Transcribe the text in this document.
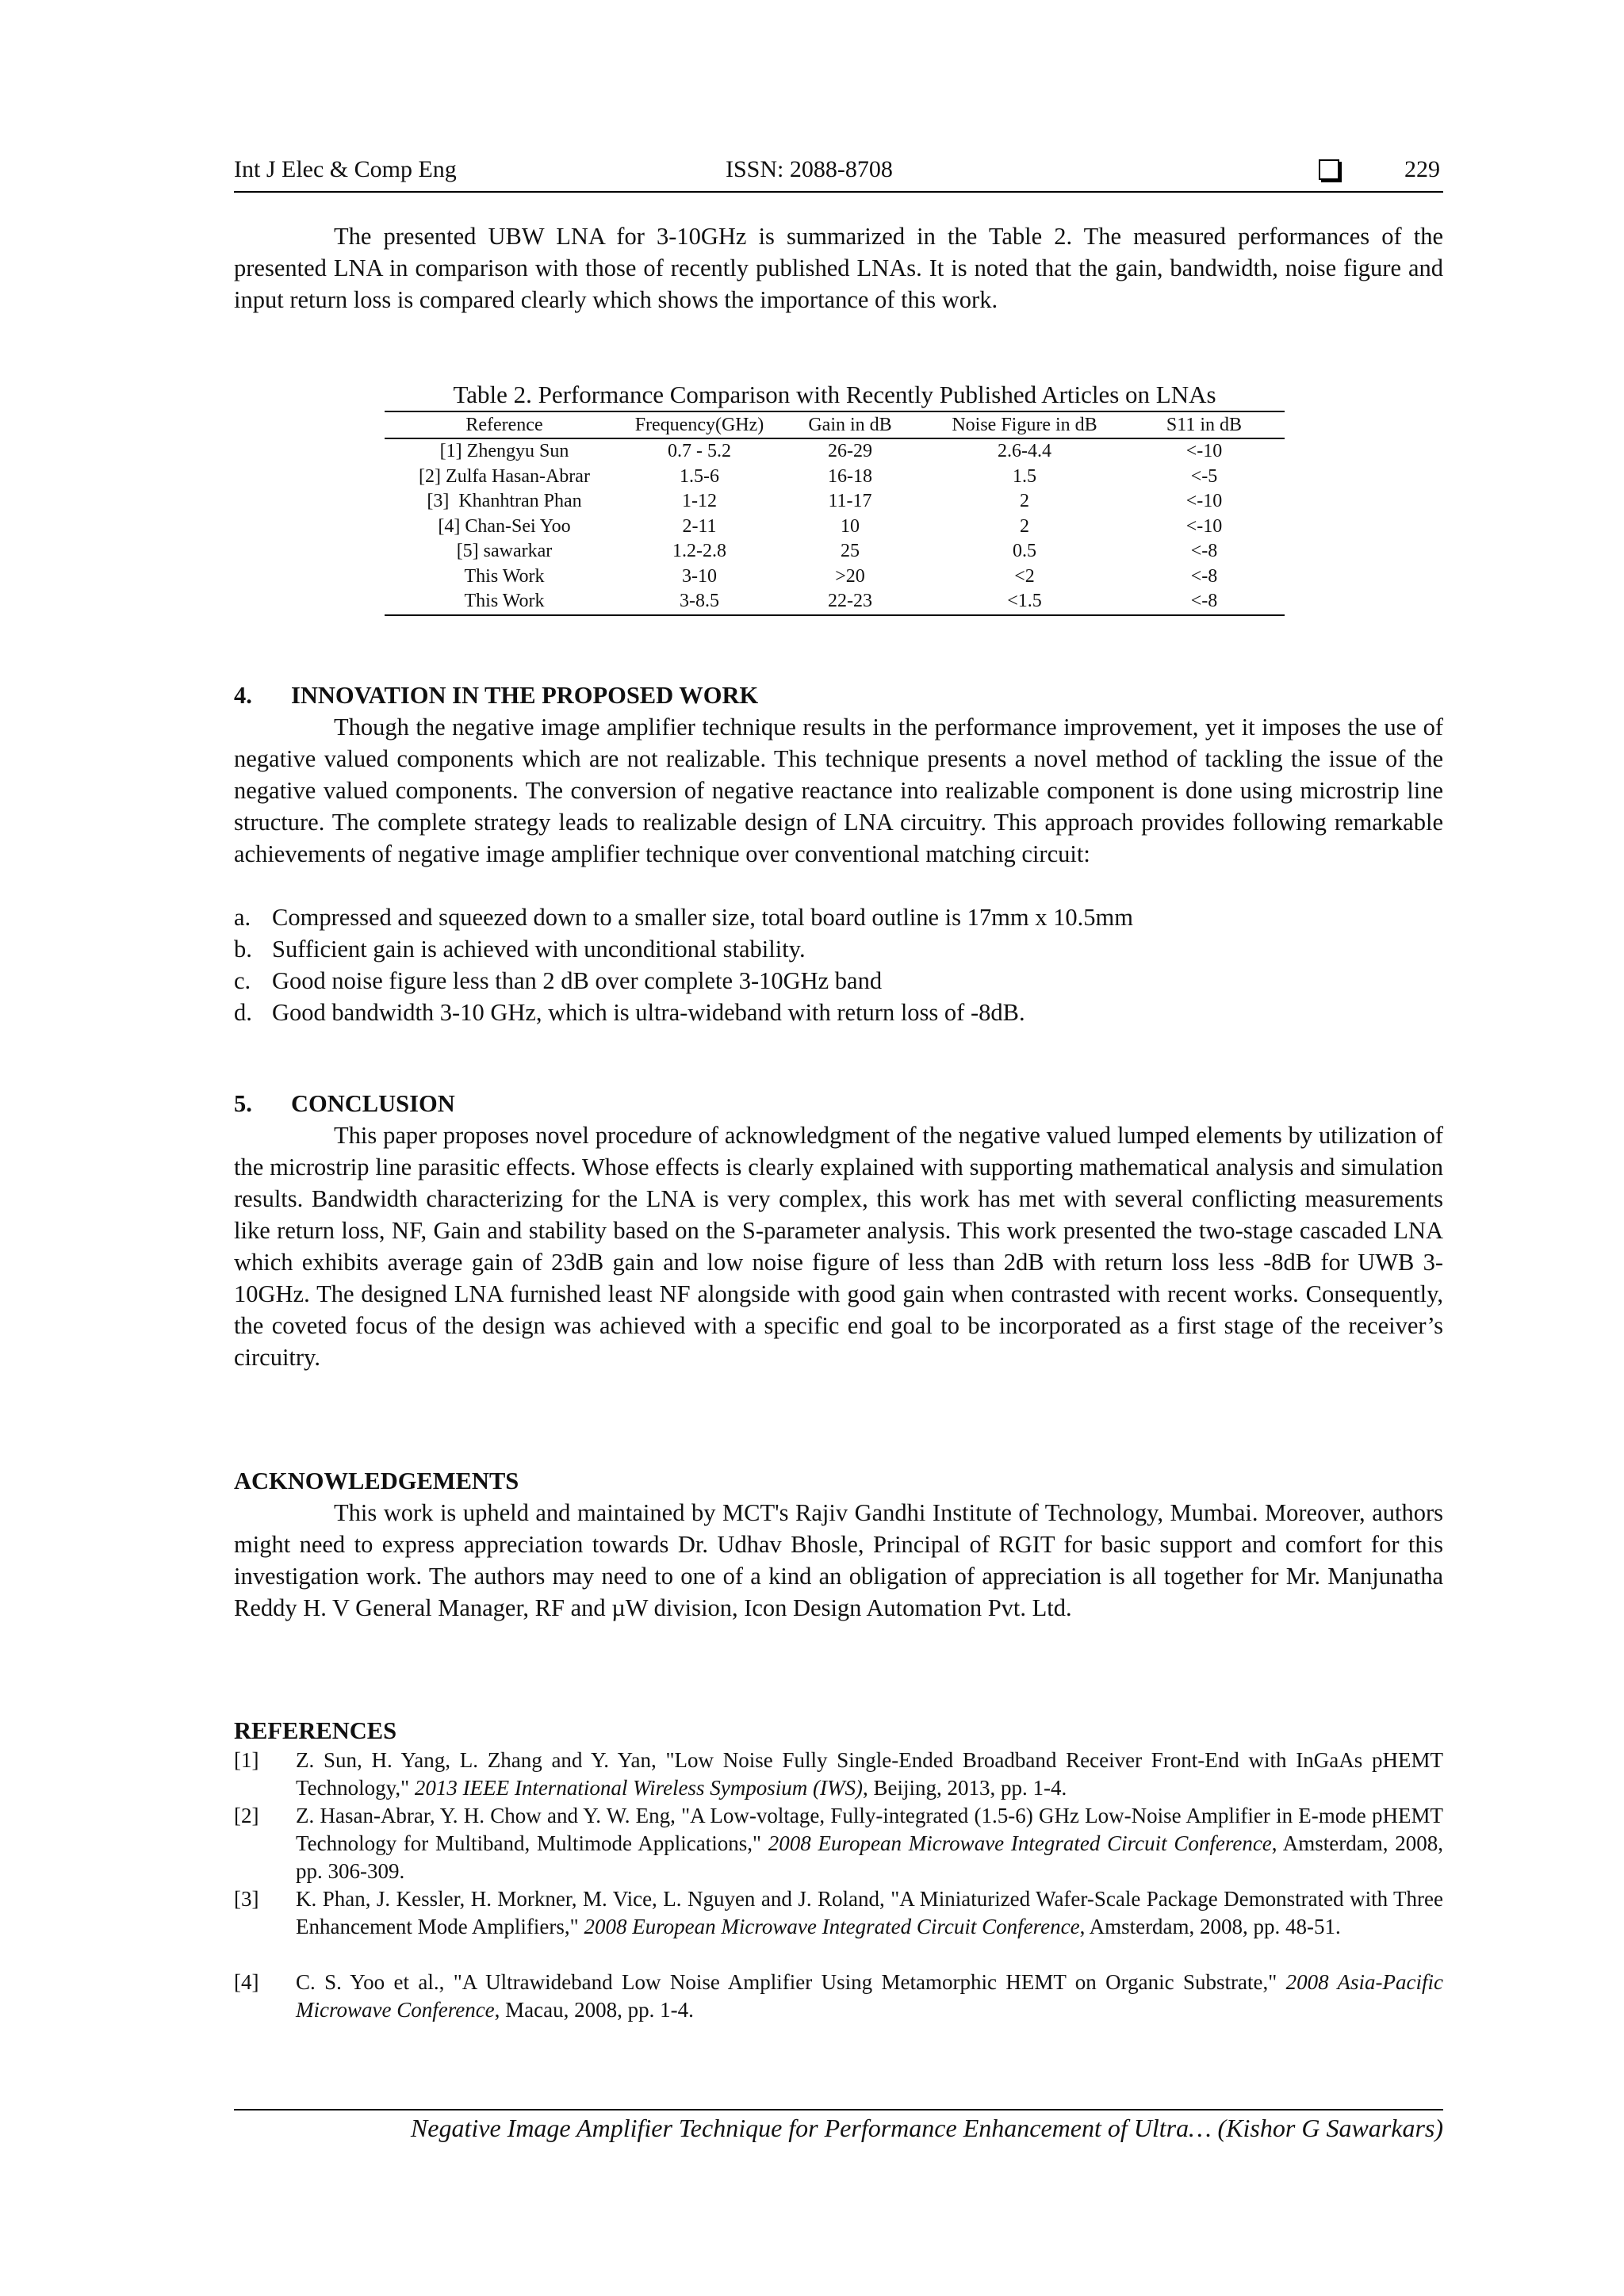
Int J Elec & Comp Eng	ISSN: 2088-8708	229
The presented UBW LNA for 3-10GHz is summarized in the Table 2. The measured performances of the presented LNA in comparison with those of recently published LNAs. It is noted that the gain, bandwidth, noise figure and input return loss is compared clearly which shows the importance of this work.
Table 2. Performance Comparison with Recently Published Articles on LNAs
Reference	Frequency(GHz)	Gain in dB	Noise Figure in dB	S11 in dB
[1] Zhengyu Sun	0.7 - 5.2	26-29	2.6-4.4	<-10
[2] Zulfa Hasan-Abrar	1.5-6	16-18	1.5	<-5
[3]  Khanhtran Phan	1-12	11-17	2	<-10
[4] Chan-Sei Yoo	2-11	10	2	<-10
[5] sawarkar	1.2-2.8	25	0.5	<-8
This Work	3-10	>20	<2	<-8
This Work	3-8.5	22-23	<1.5	<-8
4. INNOVATION IN THE PROPOSED WORK
Though the negative image amplifier technique results in the performance improvement, yet it imposes the use of negative valued components which are not realizable. This technique presents a novel method of tackling the issue of the negative valued components. The conversion of negative reactance into realizable component is done using microstrip line structure. The complete strategy leads to realizable design of LNA circuitry. This approach provides following remarkable achievements of negative image amplifier technique over conventional matching circuit:
a. Compressed and squeezed down to a smaller size, total board outline is 17mm x 10.5mm
b. Sufficient gain is achieved with unconditional stability.
c. Good noise figure less than 2 dB over complete 3-10GHz band
d. Good bandwidth 3-10 GHz, which is ultra-wideband with return loss of -8dB.
5. CONCLUSION
This paper proposes novel procedure of acknowledgment of the negative valued lumped elements by utilization of the microstrip line parasitic effects. Whose effects is clearly explained with supporting mathematical analysis and simulation results. Bandwidth characterizing for the LNA is very complex, this work has met with several conflicting measurements like return loss, NF, Gain and stability based on the S-parameter analysis. This work presented the two-stage cascaded LNA which exhibits average gain of 23dB gain and low noise figure of less than 2dB with return loss less -8dB for UWB 3-10GHz. The designed LNA furnished least NF alongside with good gain when contrasted with recent works. Consequently, the coveted focus of the design was achieved with a specific end goal to be incorporated as a first stage of the receiver’s circuitry.
ACKNOWLEDGEMENTS
This work is upheld and maintained by MCT's Rajiv Gandhi Institute of Technology, Mumbai. Moreover, authors might need to express appreciation towards Dr. Udhav Bhosle, Principal of RGIT for basic support and comfort for this investigation work. The authors may need to one of a kind an obligation of appreciation is all together for Mr. Manjunatha Reddy H. V General Manager, RF and µW division, Icon Design Automation Pvt. Ltd.
REFERENCES
[1] Z. Sun, H. Yang, L. Zhang and Y. Yan, "Low Noise Fully Single-Ended Broadband Receiver Front-End with InGaAs pHEMT Technology," 2013 IEEE International Wireless Symposium (IWS), Beijing, 2013, pp. 1-4.
[2] Z. Hasan-Abrar, Y. H. Chow and Y. W. Eng, "A Low-voltage, Fully-integrated (1.5-6) GHz Low-Noise Amplifier in E-mode pHEMT Technology for Multiband, Multimode Applications," 2008 European Microwave Integrated Circuit Conference, Amsterdam, 2008, pp. 306-309.
[3] K. Phan, J. Kessler, H. Morkner, M. Vice, L. Nguyen and J. Roland, "A Miniaturized Wafer-Scale Package Demonstrated with Three Enhancement Mode Amplifiers," 2008 European Microwave Integrated Circuit Conference, Amsterdam, 2008, pp. 48-51.
[4] C. S. Yoo et al., "A Ultrawideband Low Noise Amplifier Using Metamorphic HEMT on Organic Substrate," 2008 Asia-Pacific Microwave Conference, Macau, 2008, pp. 1-4.
Negative Image Amplifier Technique for Performance Enhancement of Ultra… (Kishor G Sawarkars)
